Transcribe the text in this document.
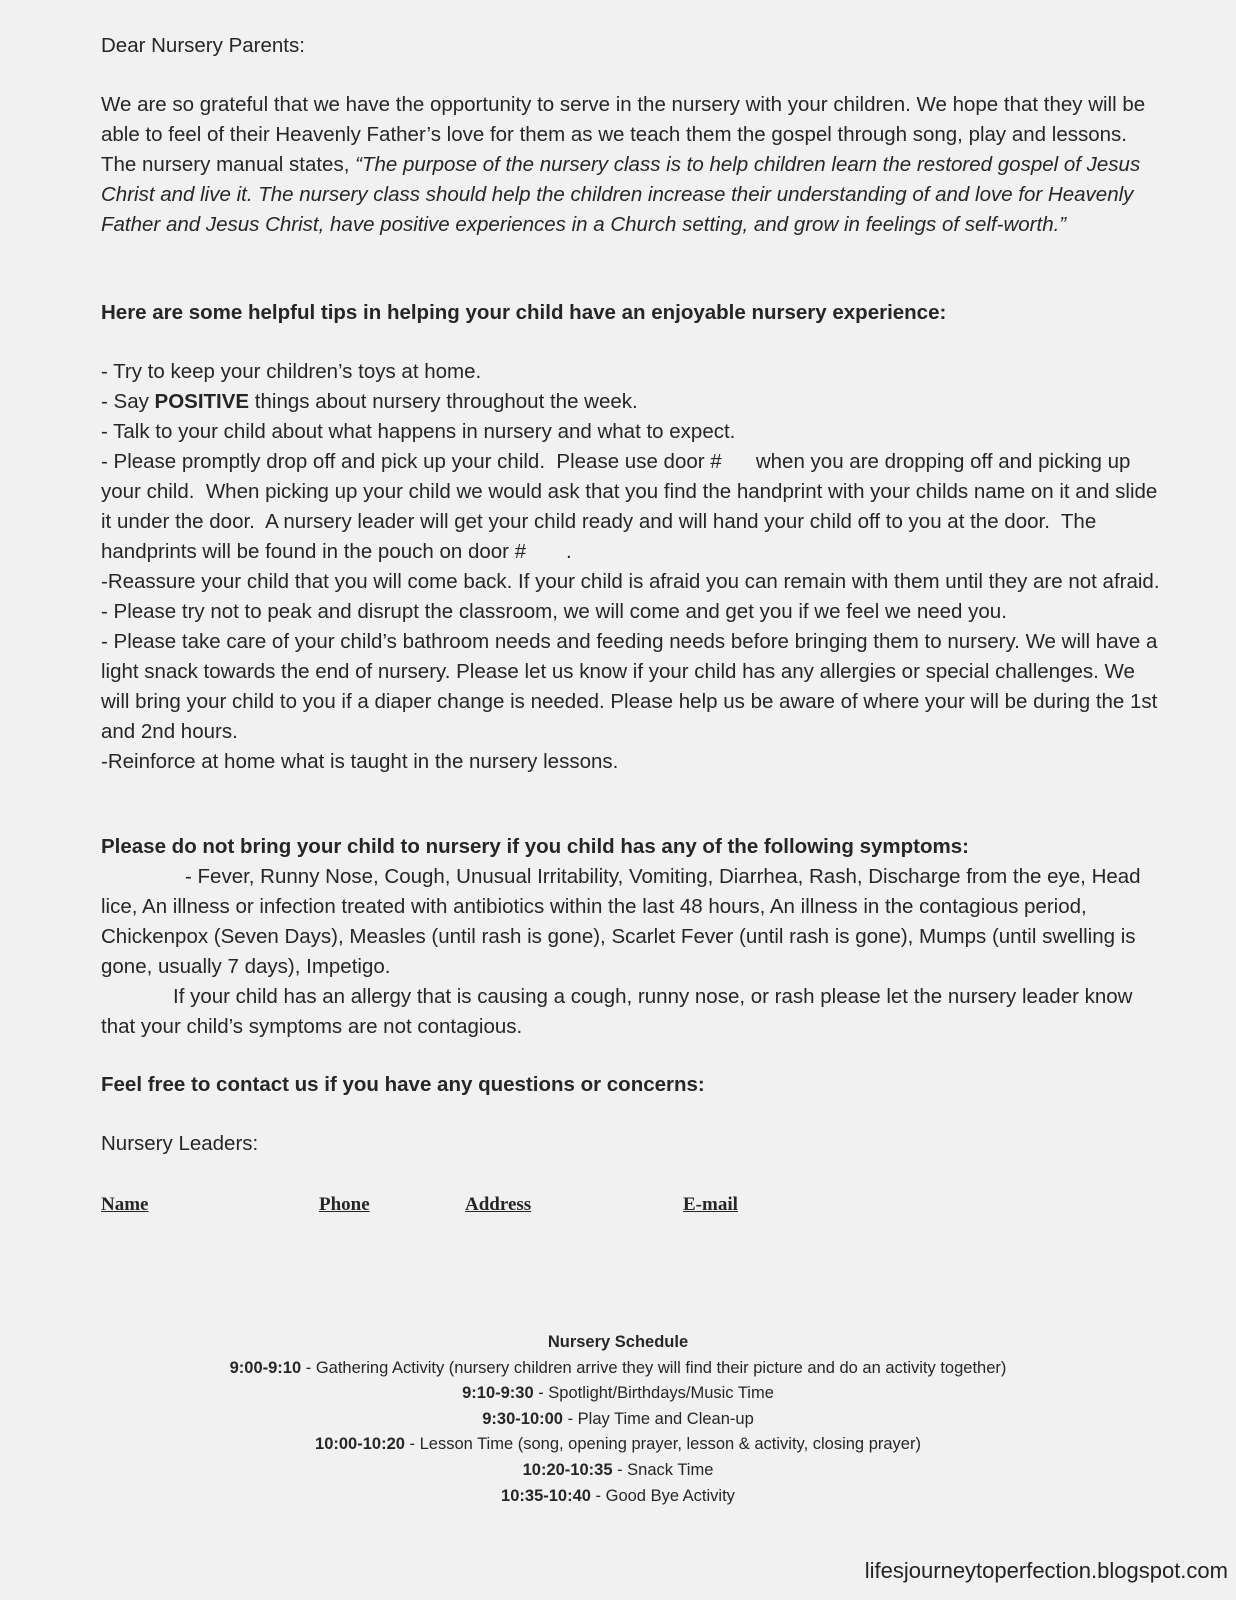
Dear Nursery Parents:

We are so grateful that we have the opportunity to serve in the nursery with your children. We hope that they will be able to feel of their Heavenly Father’s love for them as we teach them the gospel through song, play and lessons. The nursery manual states, “The purpose of the nursery class is to help children learn the restored gospel of Jesus Christ and live it. The nursery class should help the children increase their understanding of and love for Heavenly Father and Jesus Christ, have positive experiences in a Church setting, and grow in feelings of self-worth.”

Here are some helpful tips in helping your child have an enjoyable nursery experience:

- Try to keep your children’s toys at home.

- Say POSITIVE things about nursery throughout the week.

- Talk to your child about what happens in nursery and what to expect.

- Please promptly drop off and pick up your child.  Please use door #      when you are dropping off and picking up your child.  When picking up your child we would ask that you find the handprint with your childs name on it and slide it under the door.  A nursery leader will get your child ready and will hand your child off to you at the door.  The handprints will be found in the pouch on door #       .

-Reassure your child that you will come back. If your child is afraid you can remain with them until they are not afraid.

- Please try not to peak and disrupt the classroom, we will come and get you if we feel we need you.

- Please take care of your child’s bathroom needs and feeding needs before bringing them to nursery. We will have a light snack towards the end of nursery. Please let us know if your child has any allergies or special challenges. We will bring your child to you if a diaper change is needed. Please help us be aware of where your will be during the 1st and 2nd hours.

-Reinforce at home what is taught in the nursery lessons.

Please do not bring your child to nursery if you child has any of the following symptoms:

- Fever, Runny Nose, Cough, Unusual Irritability, Vomiting, Diarrhea, Rash, Discharge from the eye, Head lice, An illness or infection treated with antibiotics within the last 48 hours, An illness in the contagious period, Chickenpox (Seven Days), Measles (until rash is gone), Scarlet Fever (until rash is gone), Mumps (until swelling is gone, usually 7 days), Impetigo.

If your child has an allergy that is causing a cough, runny nose, or rash please let the nursery leader know that your child’s symptoms are not contagious.

Feel free to contact us if you have any questions or concerns:
Nursery Leaders:
Name	Phone	Address	E-mail
Nursery Schedule
9:00-9:10 - Gathering Activity (nursery children arrive they will find their picture and do an activity together)
9:10-9:30 - Spotlight/Birthdays/Music Time
9:30-10:00 - Play Time and Clean-up
10:00-10:20 - Lesson Time (song, opening prayer, lesson & activity, closing prayer)
10:20-10:35 - Snack Time
10:35-10:40 - Good Bye Activity
lifesjourneytoperfection.blogspot.com
